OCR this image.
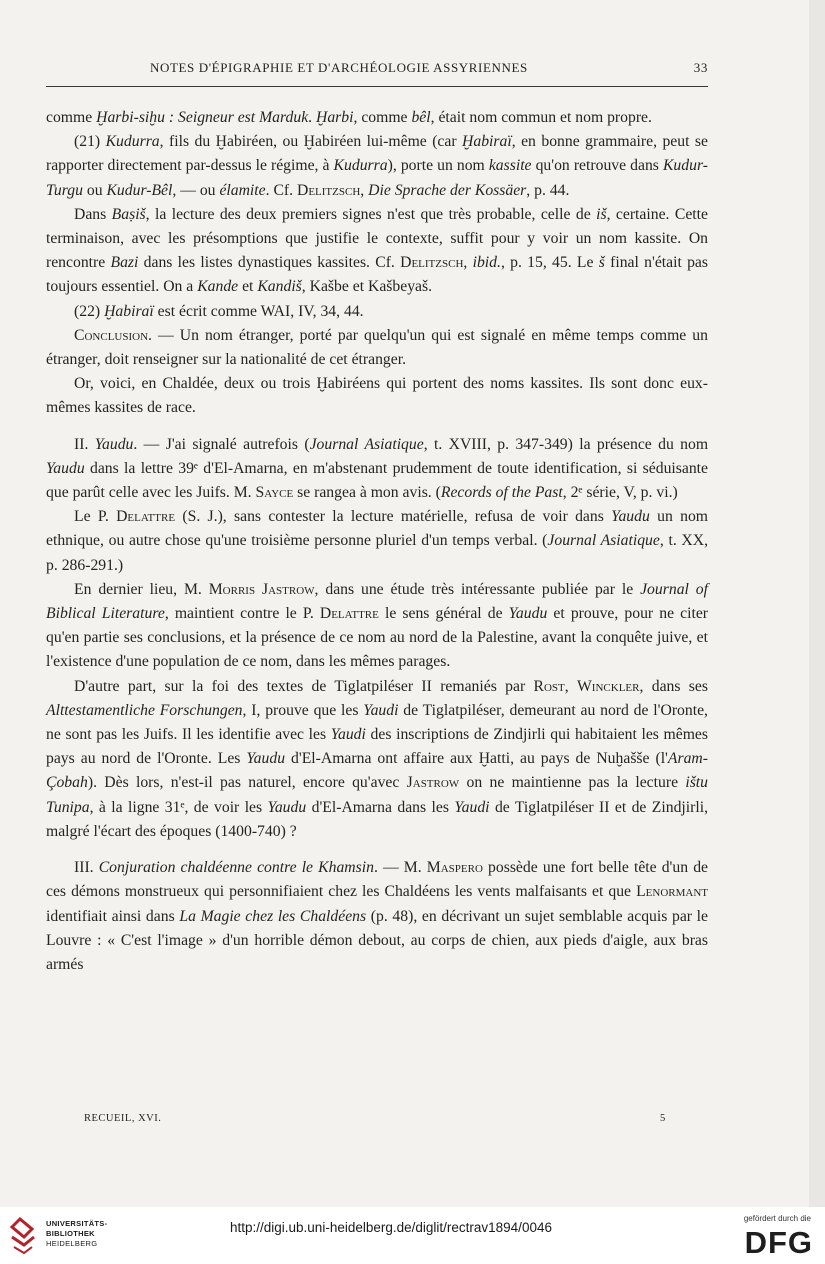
NOTES D'ÉPIGRAPHIE ET D'ARCHÉOLOGIE ASSYRIENNES	33

comme Ḫarbi-siḫu : Seigneur est Marduk. Ḫarbi, comme bêl, était nom commun et nom propre.

(21) Kudurra, fils du Ḫabiréen, ou Ḫabiréen lui-même (car Ḫabiraï, en bonne grammaire, peut se rapporter directement par-dessus le régime, à Kudurra), porte un nom kassite qu'on retrouve dans Kudur-Turgu ou Kudur-Bêl, — ou élamite. Cf. Delitzsch, Die Sprache der Kossäer, p. 44.

Dans Baṣiš, la lecture des deux premiers signes n'est que très probable, celle de iš, certaine. Cette terminaison, avec les présomptions que justifie le contexte, suffit pour y voir un nom kassite. On rencontre Bazi dans les listes dynastiques kassites. Cf. Delitzsch, ibid., p. 15, 45. Le š final n'était pas toujours essentiel. On a Kande et Kandiš, Kašbe et Kašbeyaš.

(22) Ḫabiraï est écrit comme WAI, IV, 34, 44.

Conclusion. — Un nom étranger, porté par quelqu'un qui est signalé en même temps comme un étranger, doit renseigner sur la nationalité de cet étranger.

Or, voici, en Chaldée, deux ou trois Ḫabiréens qui portent des noms kassites. Ils sont donc eux-mêmes kassites de race.

II. Yaudu. — J'ai signalé autrefois (Journal Asiatique, t. XVIII, p. 347-349) la présence du nom Yaudu dans la lettre 39ᵉ d'El-Amarna, en m'abstenant prudemment de toute identification, si séduisante que parût celle avec les Juifs. M. Sayce se rangea à mon avis. (Records of the Past, 2ᵉ série, V, p. vi.)

Le P. Delattre (S. J.), sans contester la lecture matérielle, refusa de voir dans Yaudu un nom ethnique, ou autre chose qu'une troisième personne pluriel d'un temps verbal. (Journal Asiatique, t. XX, p. 286-291.)

En dernier lieu, M. Morris Jastrow, dans une étude très intéressante publiée par le Journal of Biblical Literature, maintient contre le P. Delattre le sens général de Yaudu et prouve, pour ne citer qu'en partie ses conclusions, et la présence de ce nom au nord de la Palestine, avant la conquête juive, et l'existence d'une population de ce nom, dans les mêmes parages.

D'autre part, sur la foi des textes de Tiglatpiléser II remaniés par Rost, Winckler, dans ses Alttestamentliche Forschungen, I, prouve que les Yaudi de Tiglatpiléser, demeurant au nord de l'Oronte, ne sont pas les Juifs. Il les identifie avec les Yaudi des inscriptions de Zindjirli qui habitaient les mêmes pays au nord de l'Oronte. Les Yaudu d'El-Amarna ont affaire aux Ḫatti, au pays de Nuḫašše (l'Aram-Çobah). Dès lors, n'est-il pas naturel, encore qu'avec Jastrow on ne maintienne pas la lecture ištu Tunipa, à la ligne 31ᵉ, de voir les Yaudu d'El-Amarna dans les Yaudi de Tiglatpiléser II et de Zindjirli, malgré l'écart des époques (1400-740) ?

III. Conjuration chaldéenne contre le Khamsin. — M. Maspero possède une fort belle tête d'un de ces démons monstrueux qui personnifiaient chez les Chaldéens les vents malfaisants et que Lenormant identifiait ainsi dans La Magie chez les Chaldéens (p. 48), en décrivant un sujet semblable acquis par le Louvre : « C'est l'image » d'un horrible démon debout, au corps de chien, aux pieds d'aigle, aux bras armés

RECUEIL, XVI.	5
UNIVERSITÄTS-
BIBLIOTHEK
HEIDELBERG
http://digi.ub.uni-heidelberg.de/diglit/rectrav1894/0046
gefördert durch die
DFG
